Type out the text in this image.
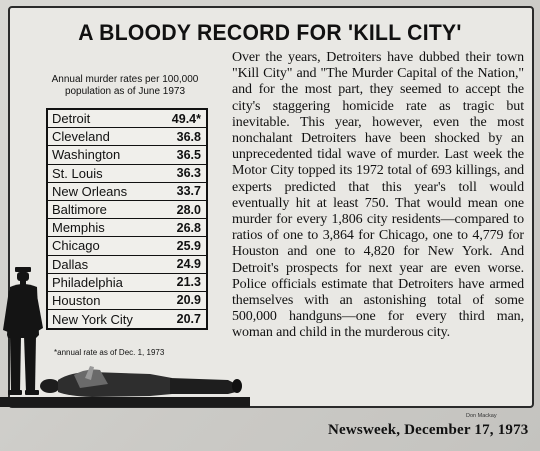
A BLOODY RECORD FOR 'KILL CITY'
Annual murder rates per 100,000 population as of June 1973
Detroit	49.4*
Cleveland	36.8
Washington	36.5
St. Louis	36.3
New Orleans	33.7
Baltimore	28.0
Memphis	26.8
Chicago	25.9
Dallas	24.9
Philadelphia	21.3
Houston	20.9
New York City	20.7
*annual rate as of Dec. 1, 1973
Over the years, Detroiters have dubbed their town "Kill City" and "The Murder Capital of the Nation," and for the most part, they seemed to accept the city's staggering homicide rate as tragic but inevitable. This year, however, even the most nonchalant Detroiters have been shocked by an unprecedented tidal wave of murder. Last week the Motor City topped its 1972 total of 693 killings, and experts predicted that this year's toll would eventually hit at least 750. That would mean one murder for every 1,806 city residents—compared to ratios of one to 3,864 for Chicago, one to 4,779 for Houston and one to 4,820 for New York. And Detroit's prospects for next year are even worse. Police officials estimate that Detroiters have armed themselves with an astonishing total of some 500,000 handguns—one for every third man, woman and child in the murderous city.
Don Mackay
Newsweek, December 17, 1973
